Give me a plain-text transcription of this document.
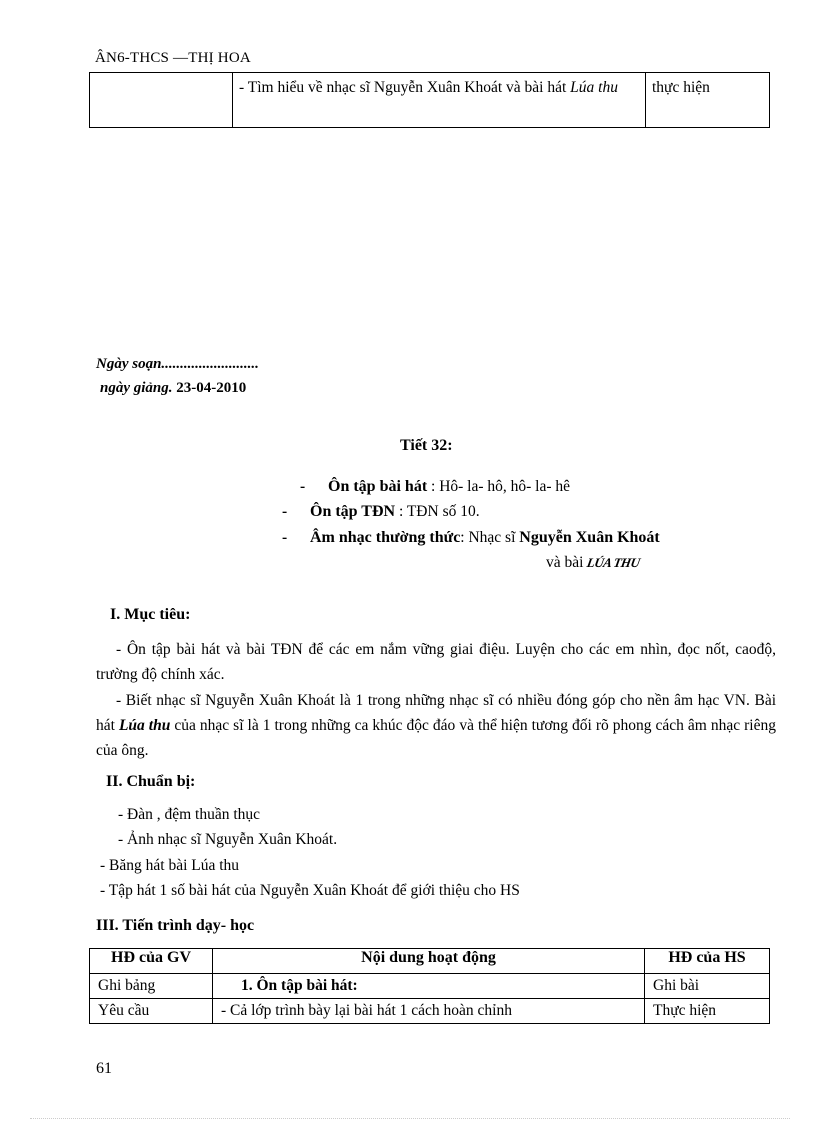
ÂN6-THCS —THỊ HOA
	- Tìm hiểu về nhạc sĩ Nguyễn Xuân Khoát và bài hát Lúa thu	thực hiện
Ngày soạn..........................
ngày giảng. 23-04-2010
Tiết 32:
- Ôn tập bài hát : Hô- la- hô, hô- la- hê
- Ôn tập TĐN : TĐN số 10.
- Âm nhạc thường thức: Nhạc sĩ Nguyễn Xuân Khoát
và bài LÚA THU
I. Mục tiêu:
- Ôn tập bài hát và bài TĐN để các em nắm vững giai điệu. Luyện cho các em nhìn, đọc nốt, caođộ, trường độ chính xác.
- Biết nhạc sĩ Nguyễn Xuân Khoát là 1 trong những nhạc sĩ có nhiều đóng góp cho nền âm hạc VN. Bài hát Lúa thu của nhạc sĩ là 1 trong những ca khúc độc đáo và thể hiện tương đối rõ phong cách âm nhạc riêng của ông.
II. Chuẩn bị:
- Đàn , đệm thuần thục
- Ảnh nhạc sĩ Nguyễn Xuân Khoát.
- Băng hát bài Lúa thu
- Tập hát 1 số bài hát của Nguyễn Xuân Khoát để giới thiệu cho HS
III. Tiến trình dạy- học
HĐ của GV	Nội dung hoạt động	HĐ của HS
Ghi bảng	1. Ôn tập bài hát:	Ghi bài
Yêu cầu	- Cả lớp trình bày lại bài hát 1 cách hoàn chỉnh	Thực hiện
61
